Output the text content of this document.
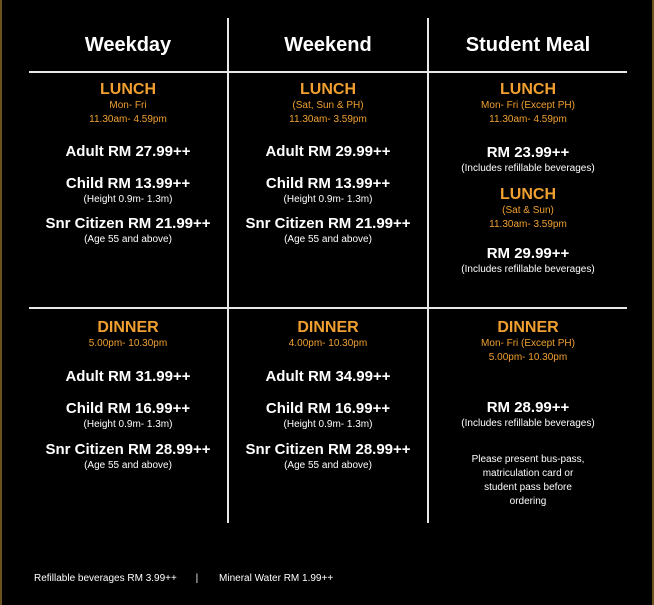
Weekday	Weekend	Student Meal
LUNCH
Mon- Fri
11.30am- 4.59pm
Adult RM 27.99++
Child RM 13.99++
(Height 0.9m- 1.3m)
Snr Citizen RM 21.99++
(Age 55 and above)
LUNCH
(Sat, Sun & PH)
11.30am- 3.59pm
Adult RM 29.99++
Child RM 13.99++
(Height 0.9m- 1.3m)
Snr Citizen RM 21.99++
(Age 55 and above)
LUNCH
Mon- Fri (Except PH)
11.30am- 4.59pm
RM 23.99++
(Includes refillable beverages)
LUNCH
(Sat & Sun)
11.30am- 3.59pm
RM 29.99++
(Includes refillable beverages)
DINNER
5.00pm- 10.30pm
Adult RM 31.99++
Child RM 16.99++
(Height 0.9m- 1.3m)
Snr Citizen RM 28.99++
(Age 55 and above)
DINNER
4.00pm- 10.30pm
Adult RM 34.99++
Child RM 16.99++
(Height 0.9m- 1.3m)
Snr Citizen RM 28.99++
(Age 55 and above)
DINNER
Mon- Fri (Except PH)
5.00pm- 10.30pm
RM 28.99++
(Includes refillable beverages)
Please present bus-pass,
matriculation card or
student pass before
ordering
Refillable beverages RM 3.99++ | Mineral Water RM 1.99++
